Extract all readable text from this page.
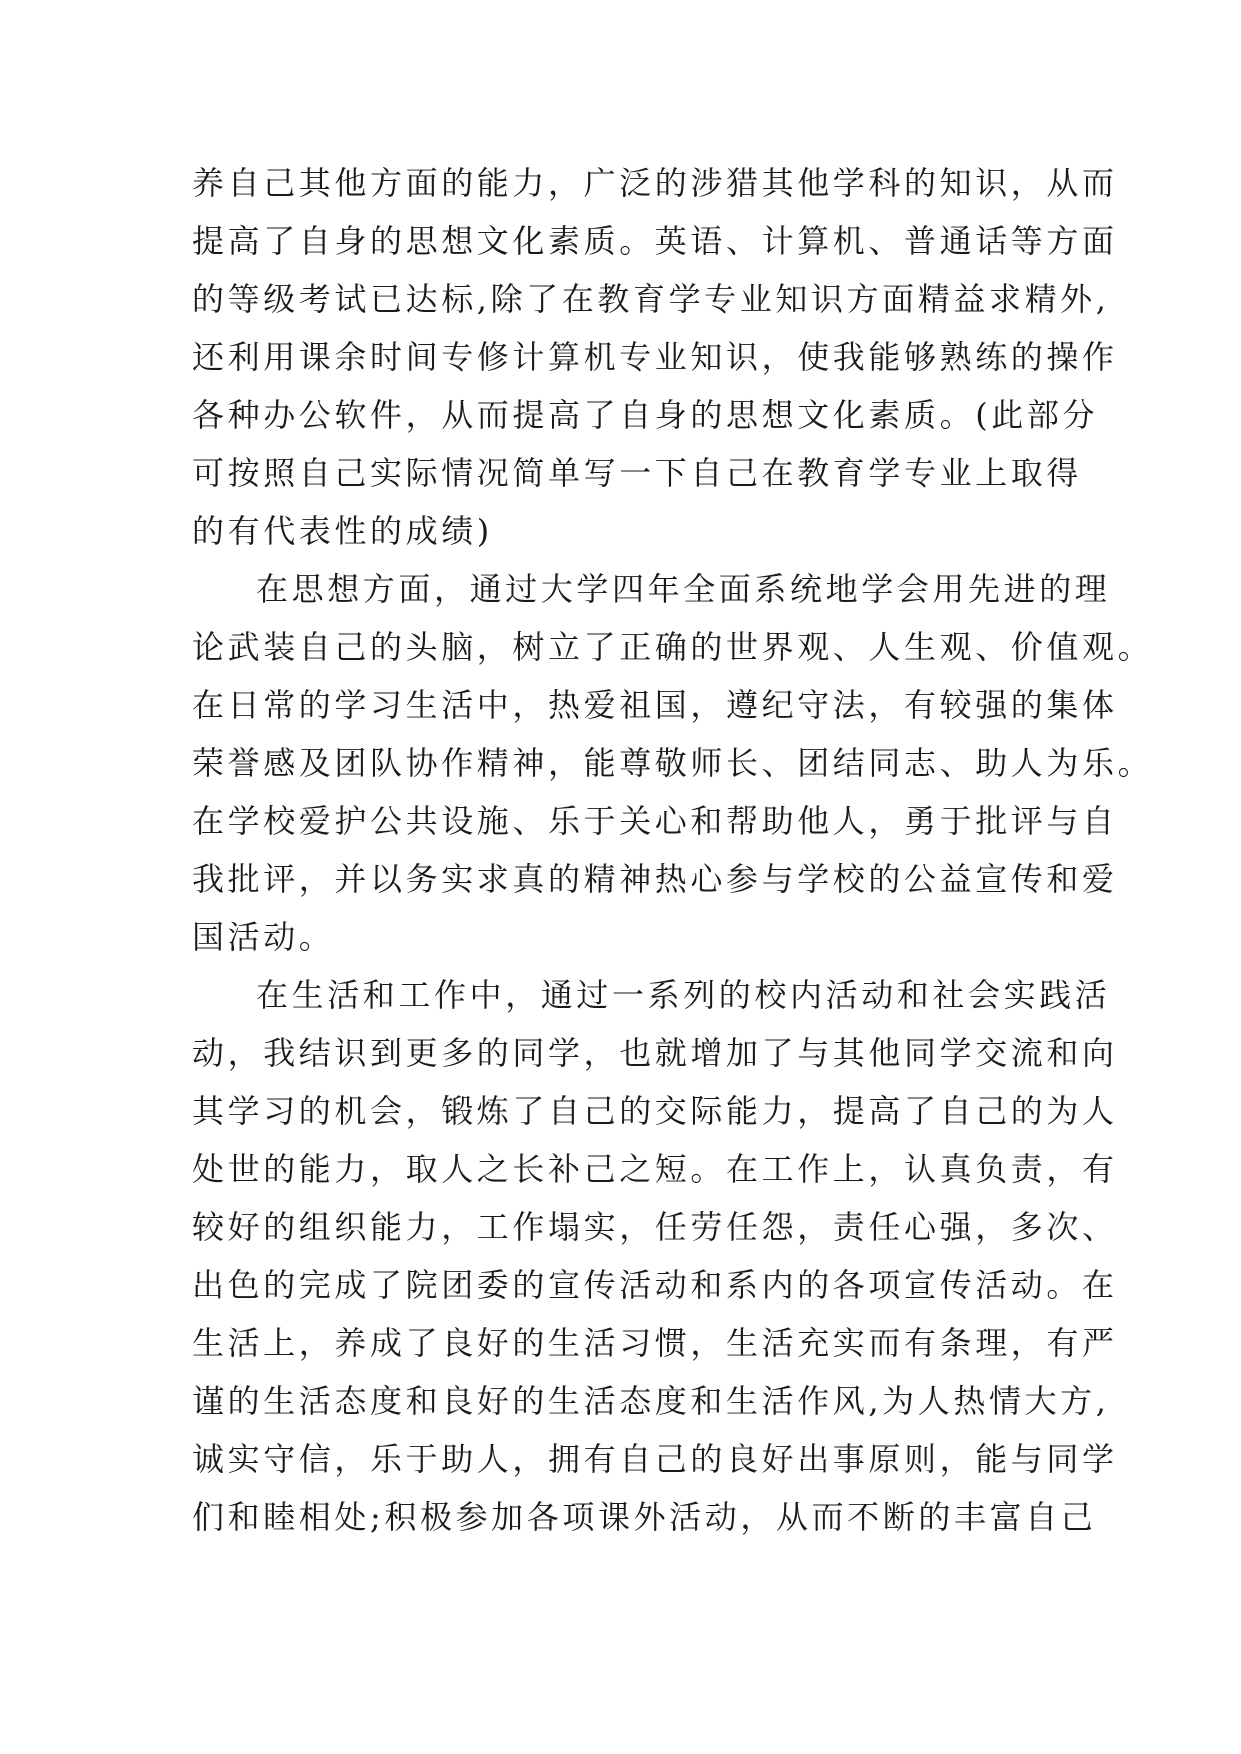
养自己其他方面的能力，广泛的涉猎其他学科的知识，从而
提高了自身的思想文化素质。英语、计算机、普通话等方面
的等级考试已达标,除了在教育学专业知识方面精益求精外,
还利用课余时间专修计算机专业知识，使我能够熟练的操作
各种办公软件，从而提高了自身的思想文化素质。(此部分
可按照自己实际情况简单写一下自己在教育学专业上取得
的有代表性的成绩)
在思想方面，通过大学四年全面系统地学会用先进的理
论武装自己的头脑，树立了正确的世界观、人生观、价值观。
在日常的学习生活中，热爱祖国，遵纪守法，有较强的集体
荣誉感及团队协作精神，能尊敬师长、团结同志、助人为乐。
在学校爱护公共设施、乐于关心和帮助他人，勇于批评与自
我批评，并以务实求真的精神热心参与学校的公益宣传和爱
国活动。
在生活和工作中，通过一系列的校内活动和社会实践活
动，我结识到更多的同学，也就增加了与其他同学交流和向
其学习的机会，锻炼了自己的交际能力，提高了自己的为人
处世的能力，取人之长补己之短。在工作上，认真负责，有
较好的组织能力，工作塌实，任劳任怨，责任心强，多次、
出色的完成了院团委的宣传活动和系内的各项宣传活动。在
生活上，养成了良好的生活习惯，生活充实而有条理，有严
谨的生活态度和良好的生活态度和生活作风,为人热情大方,
诚实守信，乐于助人，拥有自己的良好出事原则，能与同学
们和睦相处;积极参加各项课外活动，从而不断的丰富自己
